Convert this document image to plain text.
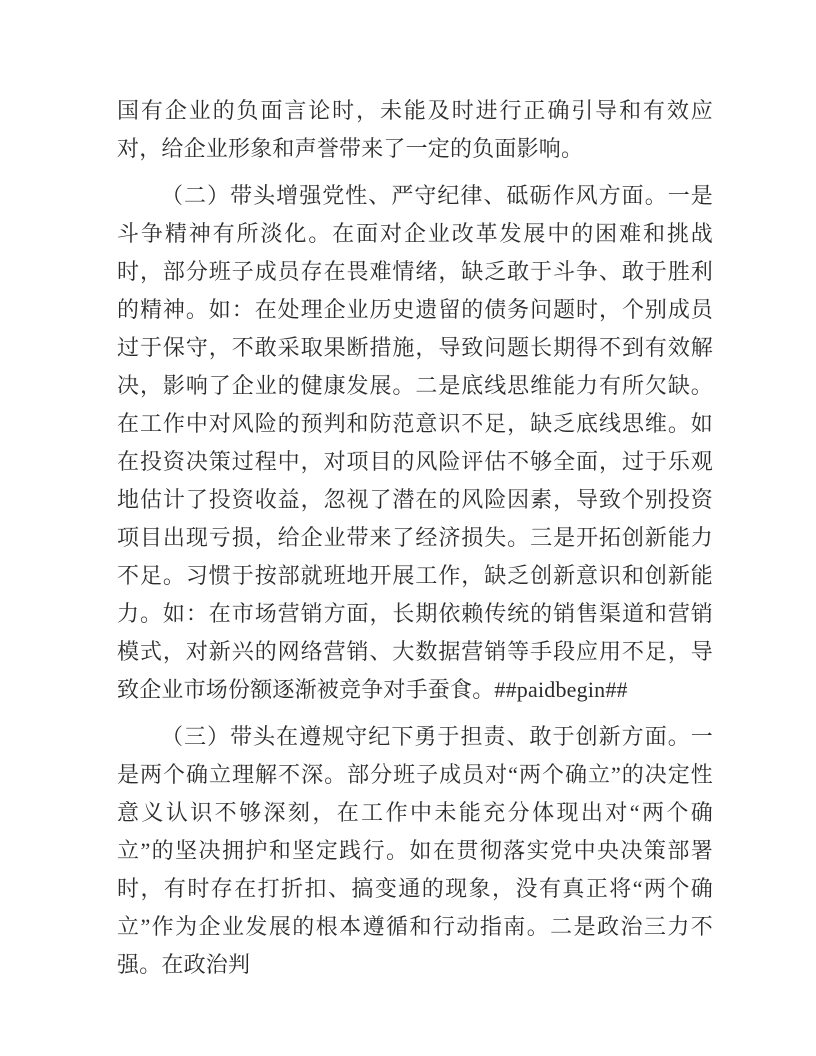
国有企业的负面言论时，未能及时进行正确引导和有效应对，给企业形象和声誉带来了一定的负面影响。

（二）带头增强党性、严守纪律、砥砺作风方面。一是斗争精神有所淡化。在面对企业改革发展中的困难和挑战时，部分班子成员存在畏难情绪，缺乏敢于斗争、敢于胜利的精神。如：在处理企业历史遗留的债务问题时，个别成员过于保守，不敢采取果断措施，导致问题长期得不到有效解决，影响了企业的健康发展。二是底线思维能力有所欠缺。在工作中对风险的预判和防范意识不足，缺乏底线思维。如在投资决策过程中，对项目的风险评估不够全面，过于乐观地估计了投资收益，忽视了潜在的风险因素，导致个别投资项目出现亏损，给企业带来了经济损失。三是开拓创新能力不足。习惯于按部就班地开展工作，缺乏创新意识和创新能力。如：在市场营销方面，长期依赖传统的销售渠道和营销模式，对新兴的网络营销、大数据营销等手段应用不足，导致企业市场份额逐渐被竞争对手蚕食。##paidbegin##

（三）带头在遵规守纪下勇于担责、敢于创新方面。一是两个确立理解不深。部分班子成员对“两个确立”的决定性意义认识不够深刻，在工作中未能充分体现出对“两个确立”的坚决拥护和坚定践行。如在贯彻落实党中央决策部署时，有时存在打折扣、搞变通的现象，没有真正将“两个确立”作为企业发展的根本遵循和行动指南。二是政治三力不强。在政治判
